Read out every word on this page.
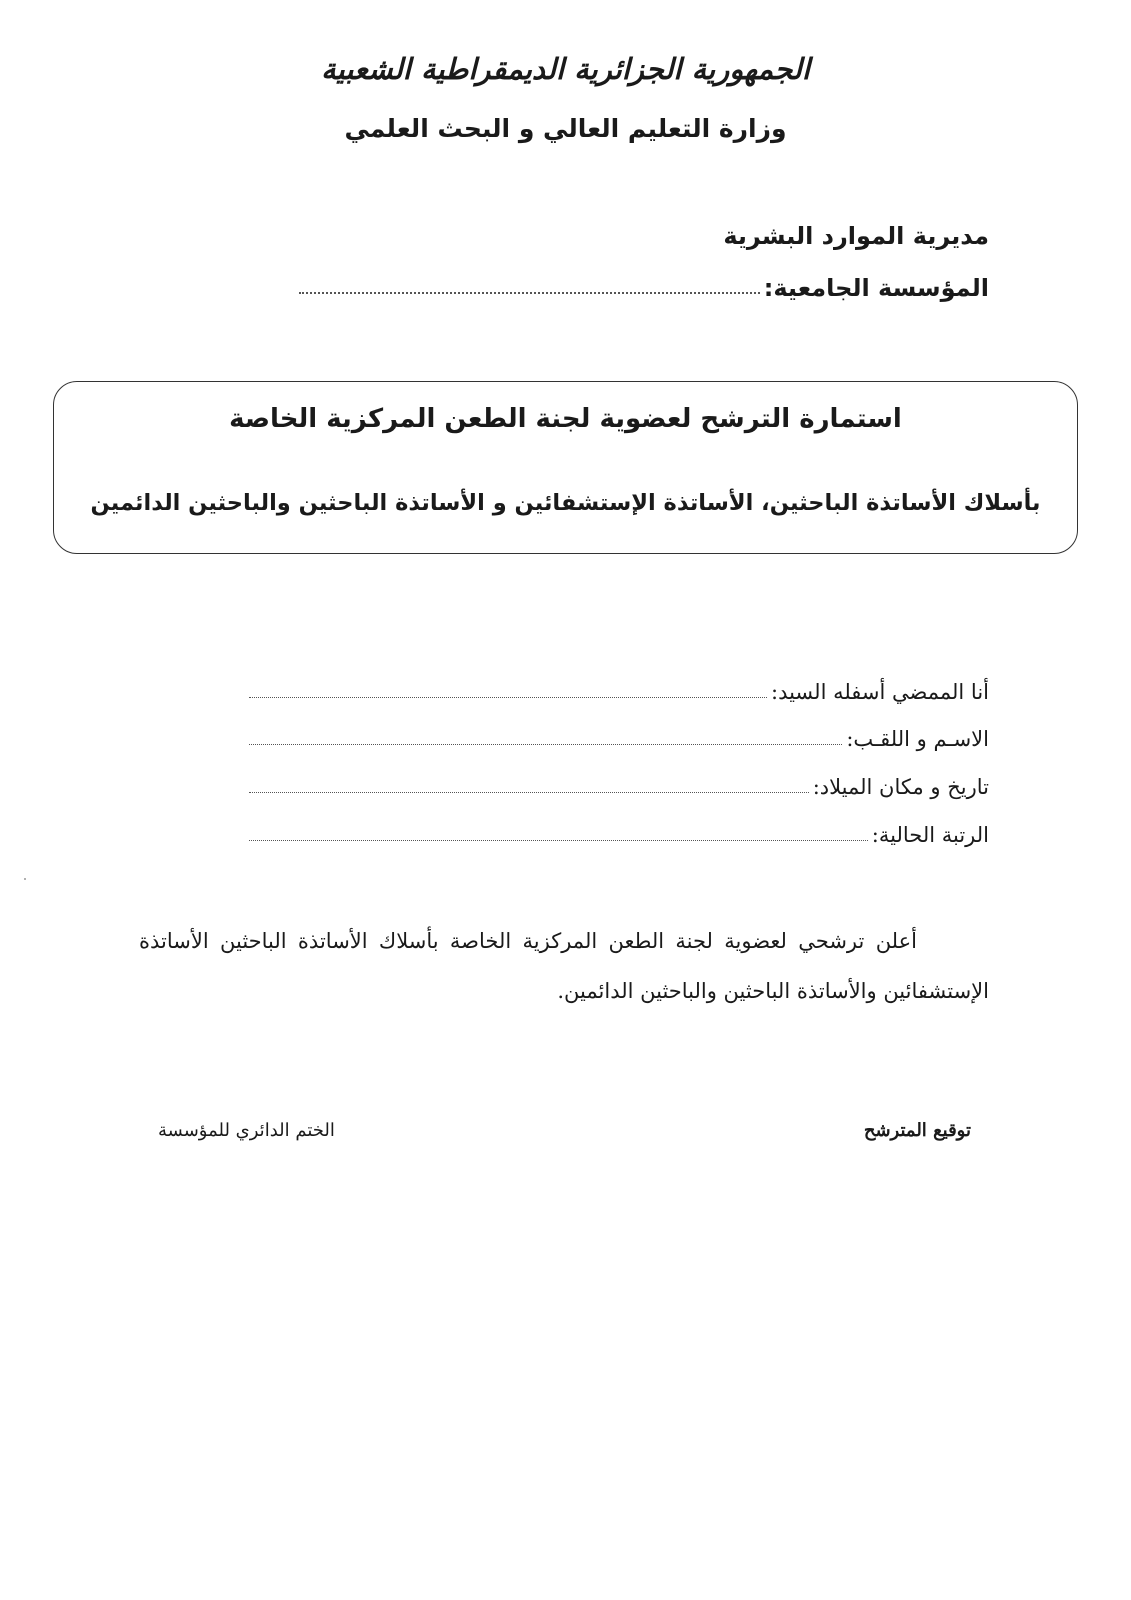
الجمهورية الجزائرية الديمقراطية الشعبية
وزارة التعليم العالي و البحث العلمي
مديرية الموارد البشرية
المؤسسة الجامعية:
استمارة الترشح لعضوية لجنة الطعن المركزية الخاصة
بأسلاك الأساتذة الباحثين، الأساتذة الإستشفائين و الأساتذة الباحثين والباحثين الدائمين
أنا الممضي أسفله السيد:
الاسـم و اللقـب:
تاريخ و مكان الميلاد:
الرتبة الحالية:
أعلن ترشحي لعضوية لجنة الطعن المركزية الخاصة بأسلاك الأساتذة الباحثين الأساتذة الإستشفائين والأساتذة الباحثين والباحثين الدائمين.
توقيع المترشح
الختم الدائري للمؤسسة
